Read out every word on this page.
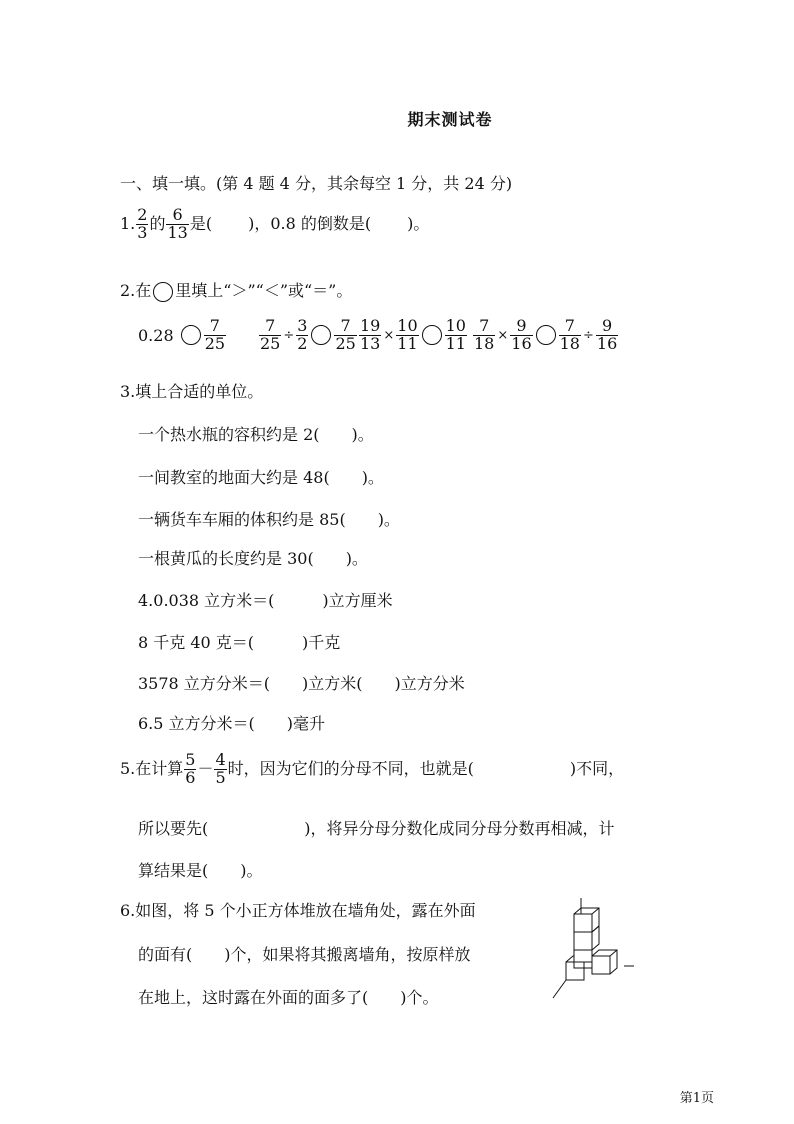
期末测试卷
一、填一填。(第 4 题 4 分，其余每空 1 分，共 24 分)
1. $\frac{2}{3}$ 的 $\frac{6}{13}$ 是( )，0.8 的倒数是( )。
2.在 里填上“＞”“＜”或“＝”。
$0.28 \frac{7}{25} \frac{7}{25} \div \frac{3}{2} \frac{7}{25} \frac{19}{13} \times \frac{10}{11} \frac{10}{11} \frac{7}{18} \times \frac{9}{16} \frac{7}{18} \div \frac{9}{16}$
3.填上合适的单位。
一个热水瓶的容积约是 2(　　)。
一间教室的地面大约是 48(　　)。
一辆货车车厢的体积约是 85(　　)。
一根黄瓜的长度约是 30(　　)。
4.0.038 立方米＝(　　　)立方厘米
8 千克 40 克＝(　　　)千克
3578 立方分米＝(　　)立方米(　　)立方分米
6.5 立方分米＝(　　)毫升
5.在计算 $\frac{5}{6} - \frac{4}{5}$ 时，因为它们的分母不同，也就是(　　　　　　)不同，
所以要先(　　　　　　)，将异分母分数化成同分母分数再相减，计
算结果是(　　)。
6.如图，将 5 个小正方体堆放在墙角处，露在外面
的面有(　　)个，如果将其搬离墙角，按原样放
在地上，这时露在外面的面多了(　　)个。
第1页
